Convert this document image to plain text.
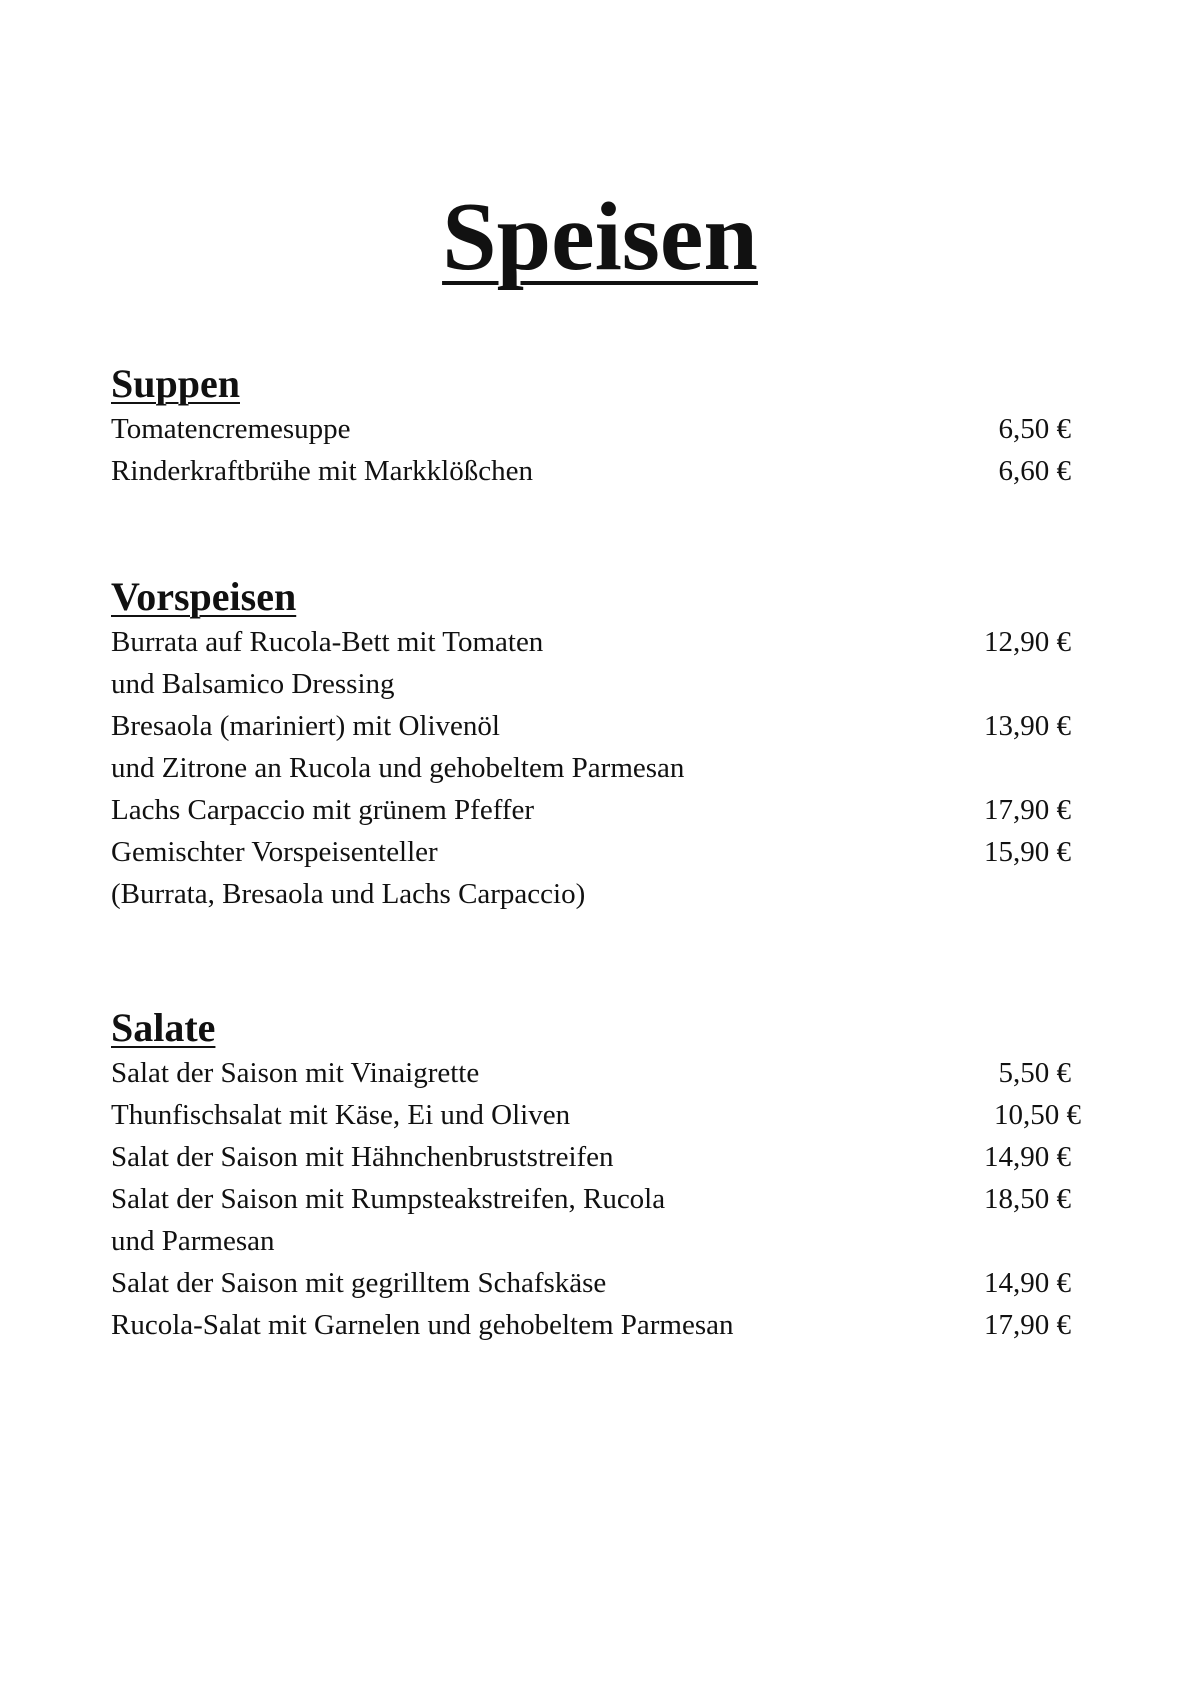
Speisen
Suppen
Tomatencremesuppe	6,50 €
Rinderkraftbrühe mit Markklößchen	6,60 €
Vorspeisen
Burrata auf Rucola-Bett mit Tomaten	12,90 €
und Balsamico Dressing
Bresaola (mariniert) mit Olivenöl	13,90 €
und Zitrone an Rucola und gehobeltem Parmesan
Lachs Carpaccio mit grünem Pfeffer	17,90 €
Gemischter Vorspeisenteller	15,90 €
(Burrata, Bresaola und Lachs Carpaccio)
Salate
Salat der Saison mit Vinaigrette	5,50 €
Thunfischsalat mit Käse, Ei und Oliven	10,50 €
Salat der Saison mit Hähnchenbruststreifen	14,90 €
Salat der Saison mit Rumpsteakstreifen, Rucola	18,50 €
und Parmesan
Salat der Saison mit gegrilltem Schafskäse	14,90 €
Rucola-Salat mit Garnelen und gehobeltem Parmesan	17,90 €
